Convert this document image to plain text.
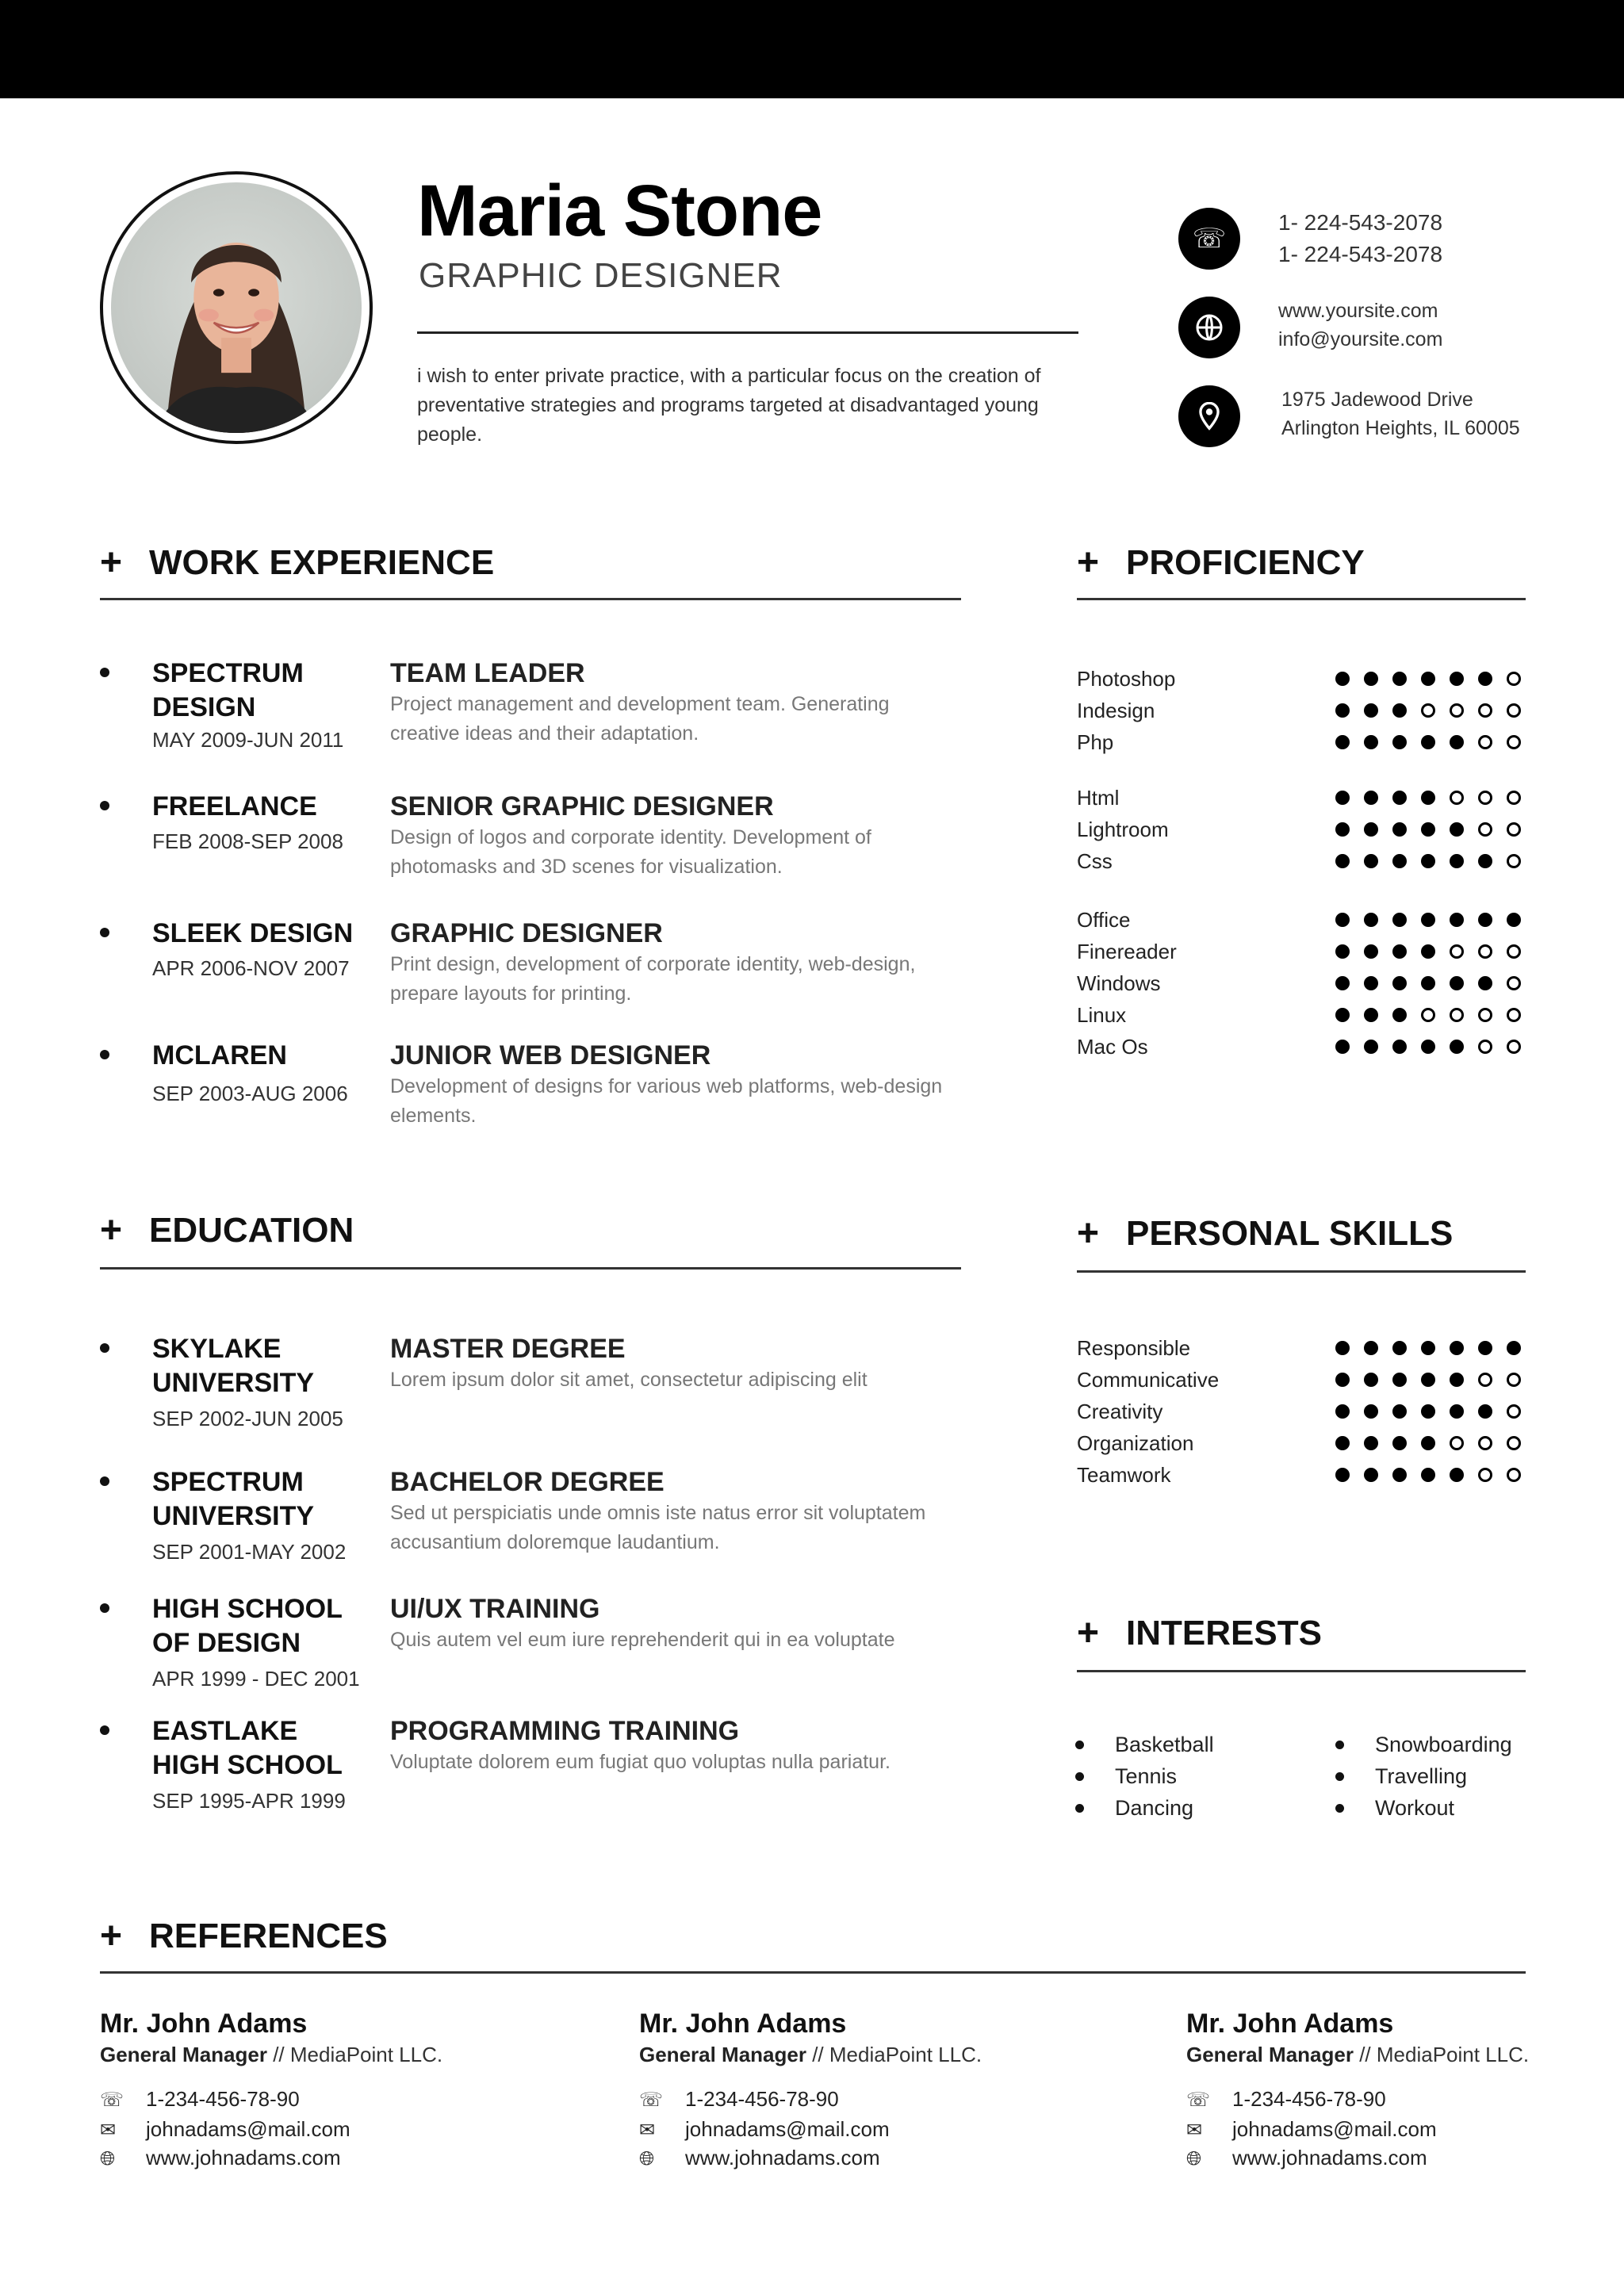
Maria Stone
GRAPHIC DESIGNER
i wish to enter private practice, with a particular focus on the creation of preventative strategies and programs targeted at disadvantaged young people.
☏
1- 224-543-2078
1- 224-543-2078
www.yoursite.com
info@yoursite.com
1975 Jadewood Drive
Arlington Heights, IL 60005
+ WORK EXPERIENCE
SPECTRUM DESIGN
MAY 2009-JUN 2011
TEAM LEADER
Project management and development team. Generating creative ideas and their adaptation.
FREELANCE
FEB 2008-SEP 2008
SENIOR GRAPHIC DESIGNER
Design of logos and corporate identity. Development of photomasks and 3D scenes for visualization.
SLEEK DESIGN
APR 2006-NOV 2007
GRAPHIC DESIGNER
Print design, development of corporate identity, web-design, prepare layouts for printing.
MCLAREN
SEP 2003-AUG 2006
JUNIOR WEB DESIGNER
Development of designs for various web platforms, web-design elements.
+ EDUCATION
SKYLAKE UNIVERSITY
SEP 2002-JUN 2005
MASTER DEGREE
Lorem ipsum dolor sit amet, consectetur adipiscing elit
SPECTRUM UNIVERSITY
SEP 2001-MAY 2002
BACHELOR DEGREE
Sed ut perspiciatis unde omnis iste natus error sit voluptatem accusantium doloremque laudantium.
HIGH SCHOOL OF DESIGN
APR 1999 - DEC 2001
UI/UX TRAINING
Quis autem vel eum iure reprehenderit qui in ea voluptate
EASTLAKE HIGH SCHOOL
SEP 1995-APR 1999
PROGRAMMING TRAINING
Voluptate dolorem eum fugiat quo voluptas nulla pariatur.
+ PROFICIENCY
Photoshop
Indesign
Php
Html
Lightroom
Css
Office
Finereader
Windows
Linux
Mac Os
+ PERSONAL SKILLS
Responsible
Communicative
Creativity
Organization
Teamwork
+ INTERESTS
Basketball
Tennis
Dancing
Snowboarding
Travelling
Workout
+ REFERENCES
Mr. John Adams
General Manager // MediaPoint LLC.
☏ 1-234-456-78-90
✉ johnadams@mail.com
🌐︎ www.johnadams.com
Mr. John Adams
General Manager // MediaPoint LLC.
☏ 1-234-456-78-90
✉ johnadams@mail.com
🌐︎ www.johnadams.com
Mr. John Adams
General Manager // MediaPoint LLC.
☏ 1-234-456-78-90
✉ johnadams@mail.com
🌐︎ www.johnadams.com
